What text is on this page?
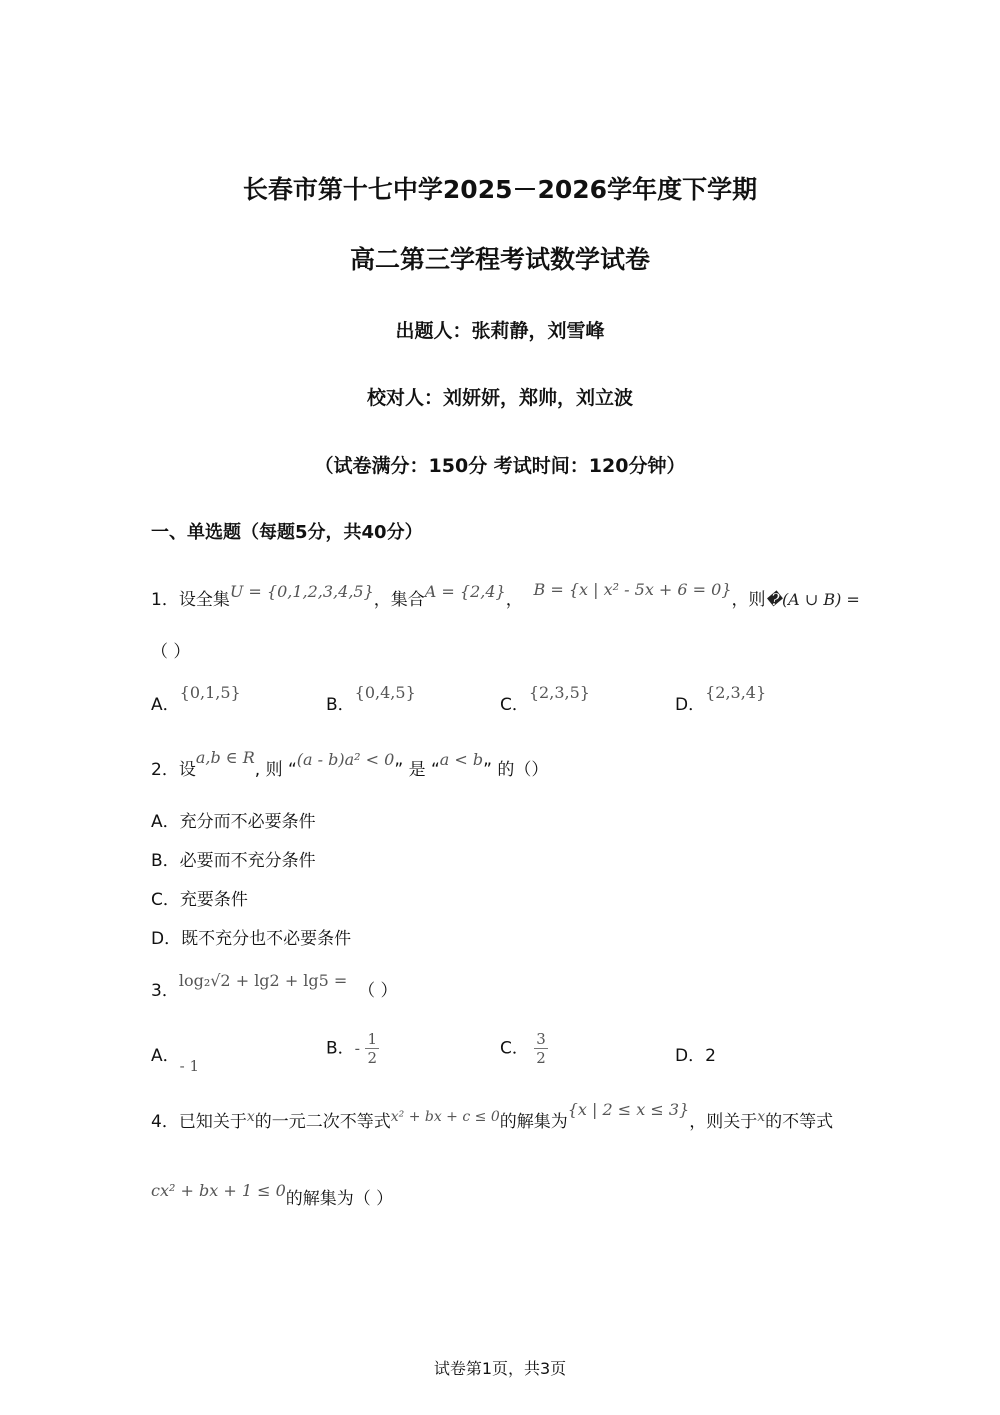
长春市第十七中学2025－2026学年度下学期
高二第三学程考试数学试卷
出题人：张莉静，刘雪峰
校对人：刘妍妍，郑帅，刘立波
（试卷满分：150分 考试时间：120分钟）
一、单选题（每题5分，共40分）
1．设全集U = {0,1,2,3,4,5}，集合A = {2,4}，  B = {x | x² - 5x + 6 = 0}，则�(A ∪ B) =
（ ）
A．{0,1,5}
B．{0,4,5}
C．{2,3,5}
D．{2,3,4}
2．设a,b ∈ R, 则 “(a - b)a² < 0” 是 “a < b” 的（）
A．充分而不必要条件
B．必要而不充分条件
C．充要条件
D．既不充分也不必要条件
3．log₂√2 + lg2 + lg5 =  （ ）
A．- 1
B．- $\frac{1}{2}$	C． $\frac{3}{2}$	D．2
4．已知关于$^x$的一元二次不等式$^{x^2 + bx + c \le 0}$的解集为{x | 2 ≤ x ≤ 3}，则关于$^x$的不等式
cx² + bx + 1 ≤ 0的解集为（ ）
试卷第1页，共3页
